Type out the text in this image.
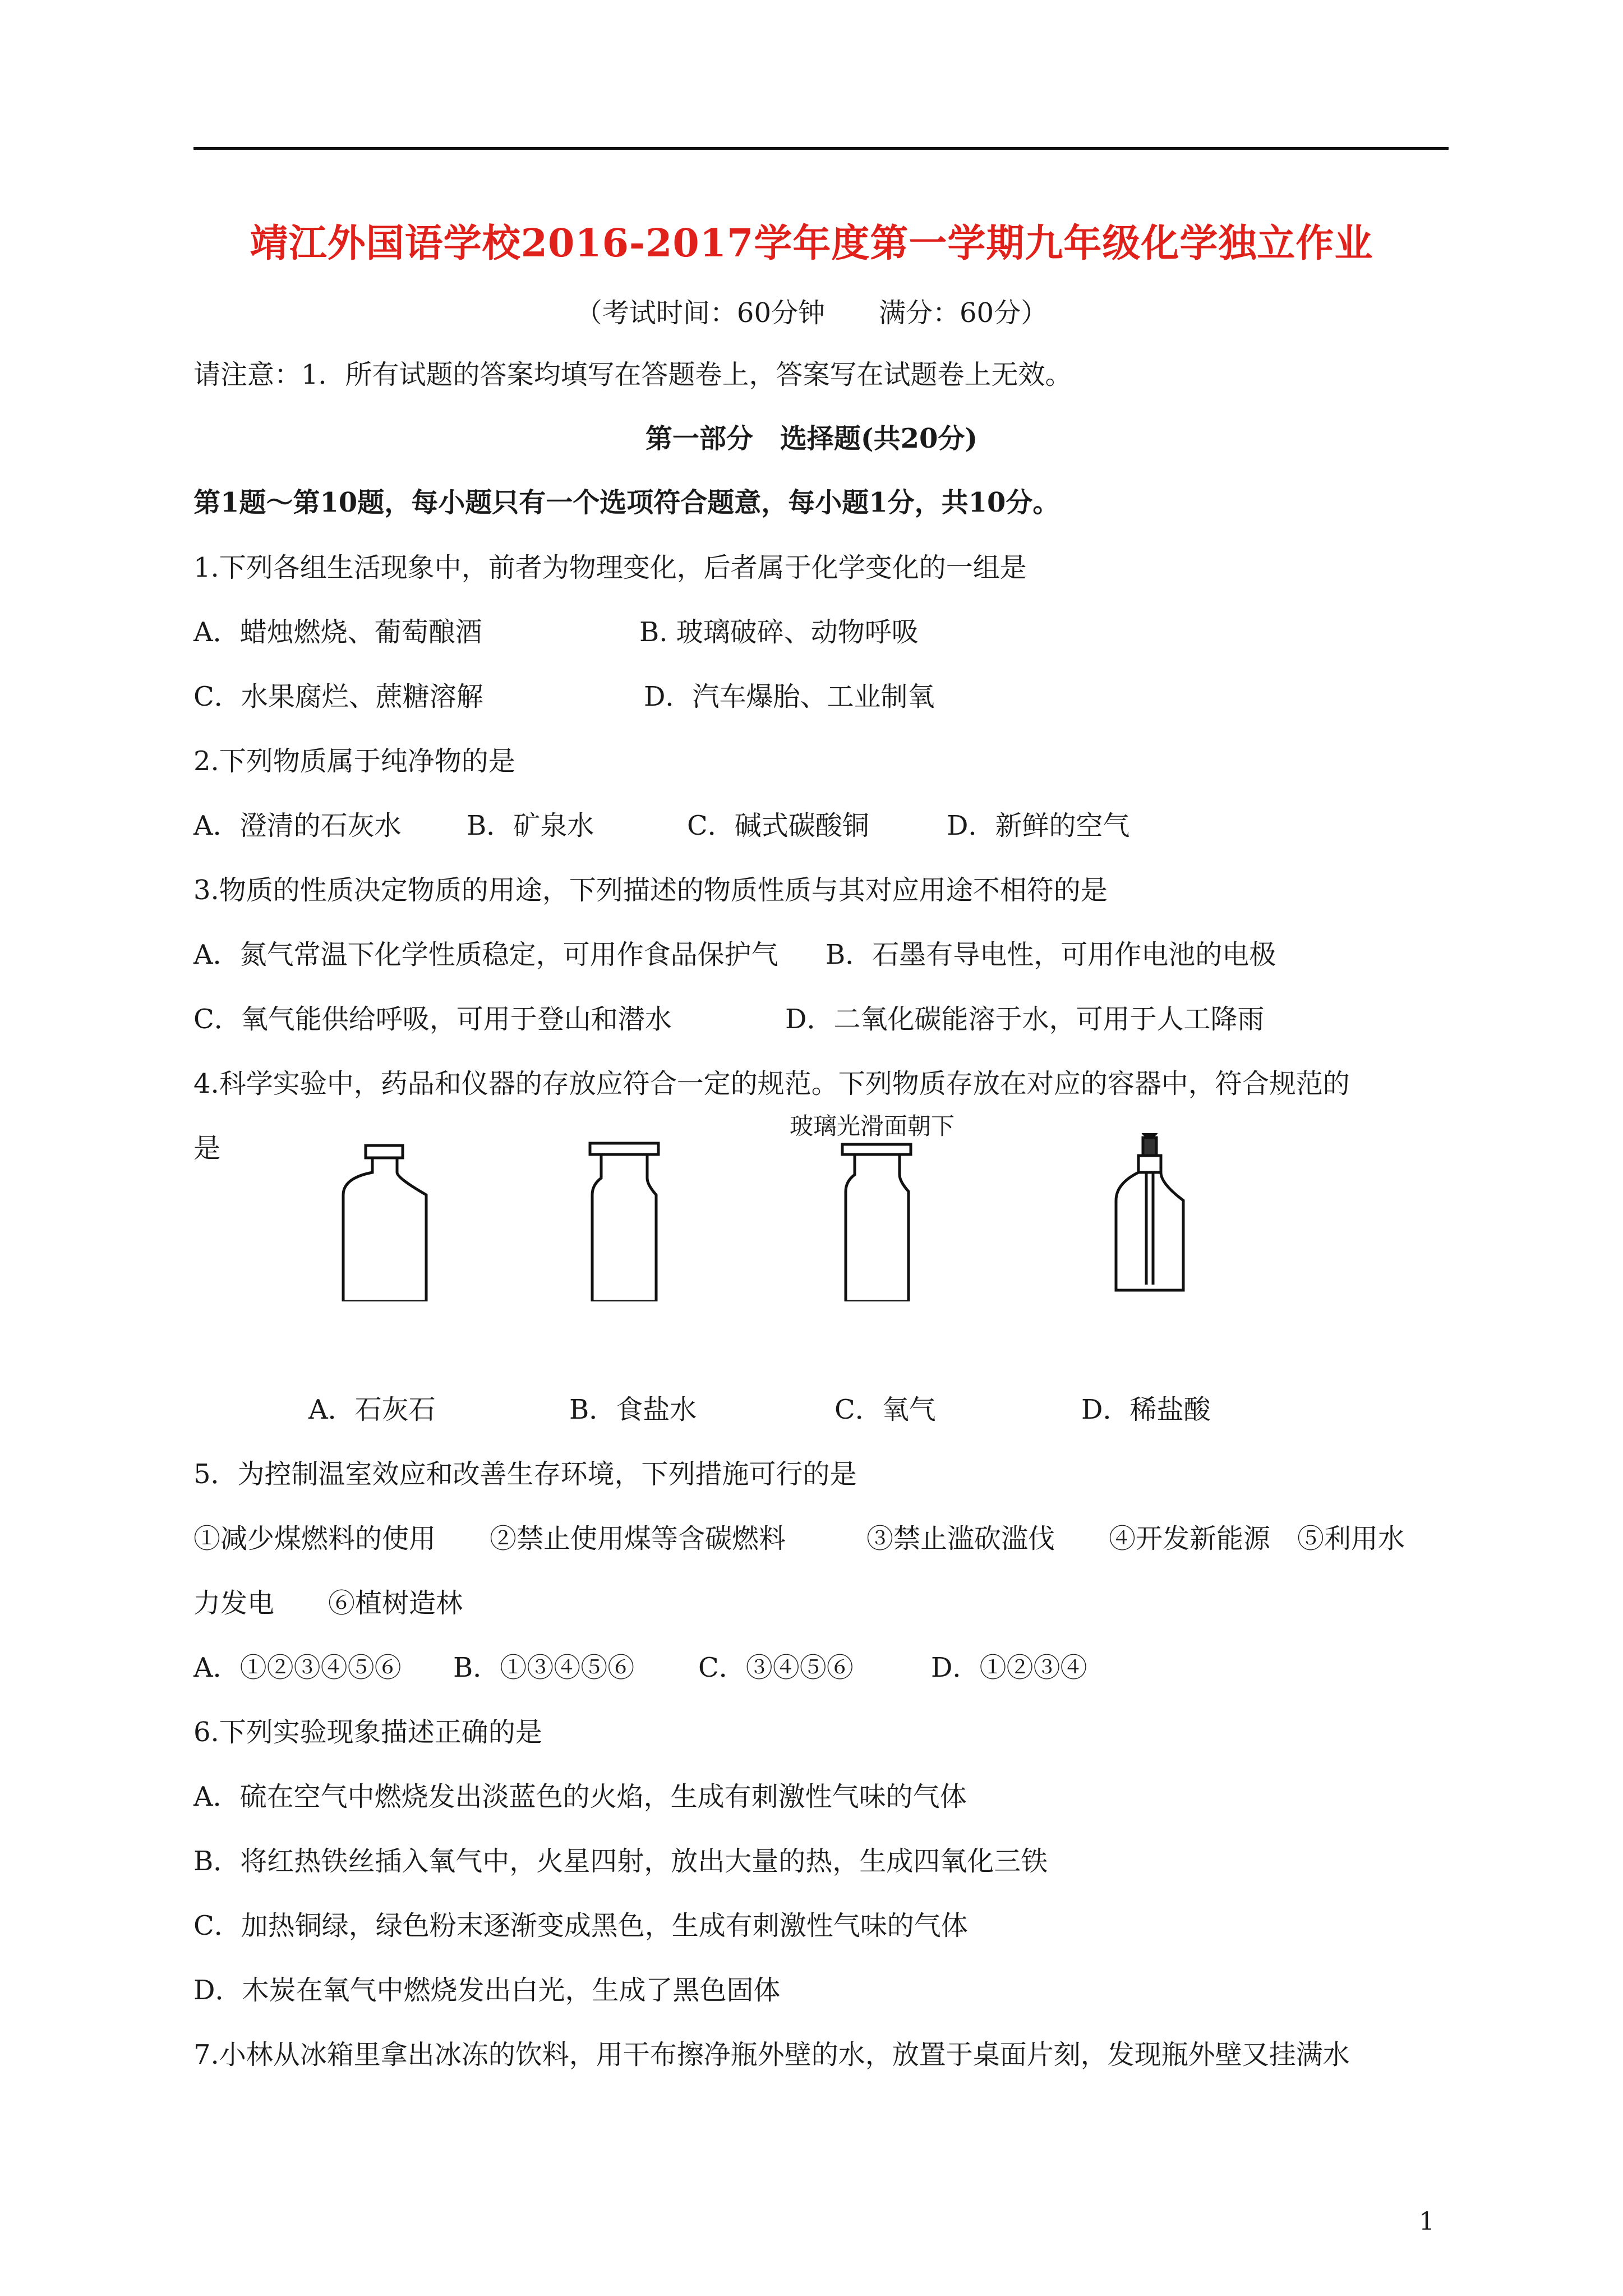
靖江外国语学校2016-2017学年度第一学期九年级化学独立作业
（考试时间：60分钟　　满分：60分）
请注意：1．所有试题的答案均填写在答题卷上，答案写在试题卷上无效。
第一部分　选择题(共20分)
第1题～第10题，每小题只有一个选项符合题意，每小题1分，共10分。
1.下列各组生活现象中，前者为物理变化，后者属于化学变化的一组是
A．蜡烛燃烧、葡萄酿酒	B. 玻璃破碎、动物呼吸
C．水果腐烂、蔗糖溶解	D．汽车爆胎、工业制氧
2.下列物质属于纯净物的是
A．澄清的石灰水 B．矿泉水	C．碱式碳酸铜	D．新鲜的空气
3.物质的性质决定物质的用途，下列描述的物质性质与其对应用途不相符的是
A．氮气常温下化学性质稳定，可用作食品保护气 B．石墨有导电性，可用作电池的电极
C．氧气能供给呼吸，可用于登山和潜水	D．二氧化碳能溶于水，可用于人工降雨
4.科学实验中，药品和仪器的存放应符合一定的规范。下列物质存放在对应的容器中，符合规范的
是
玻璃光滑面朝下
A．石灰石	B．食盐水	C．氧气	D．稀盐酸
5．为控制温室效应和改善生存环境，下列措施可行的是
①减少煤燃料的使用　　②禁止使用煤等含碳燃料　　　③禁止滥砍滥伐　　④开发新能源　⑤利用水
力发电　　⑥植树造林
A．①②③④⑤⑥ B．①③④⑤⑥ C．③④⑤⑥	D．①②③④
6.下列实验现象描述正确的是
A．硫在空气中燃烧发出淡蓝色的火焰，生成有刺激性气味的气体
B．将红热铁丝插入氧气中，火星四射，放出大量的热，生成四氧化三铁
C．加热铜绿，绿色粉末逐渐变成黑色，生成有刺激性气味的气体
D．木炭在氧气中燃烧发出白光，生成了黑色固体
7.小林从冰箱里拿出冰冻的饮料，用干布擦净瓶外壁的水，放置于桌面片刻，发现瓶外壁又挂满水
1
